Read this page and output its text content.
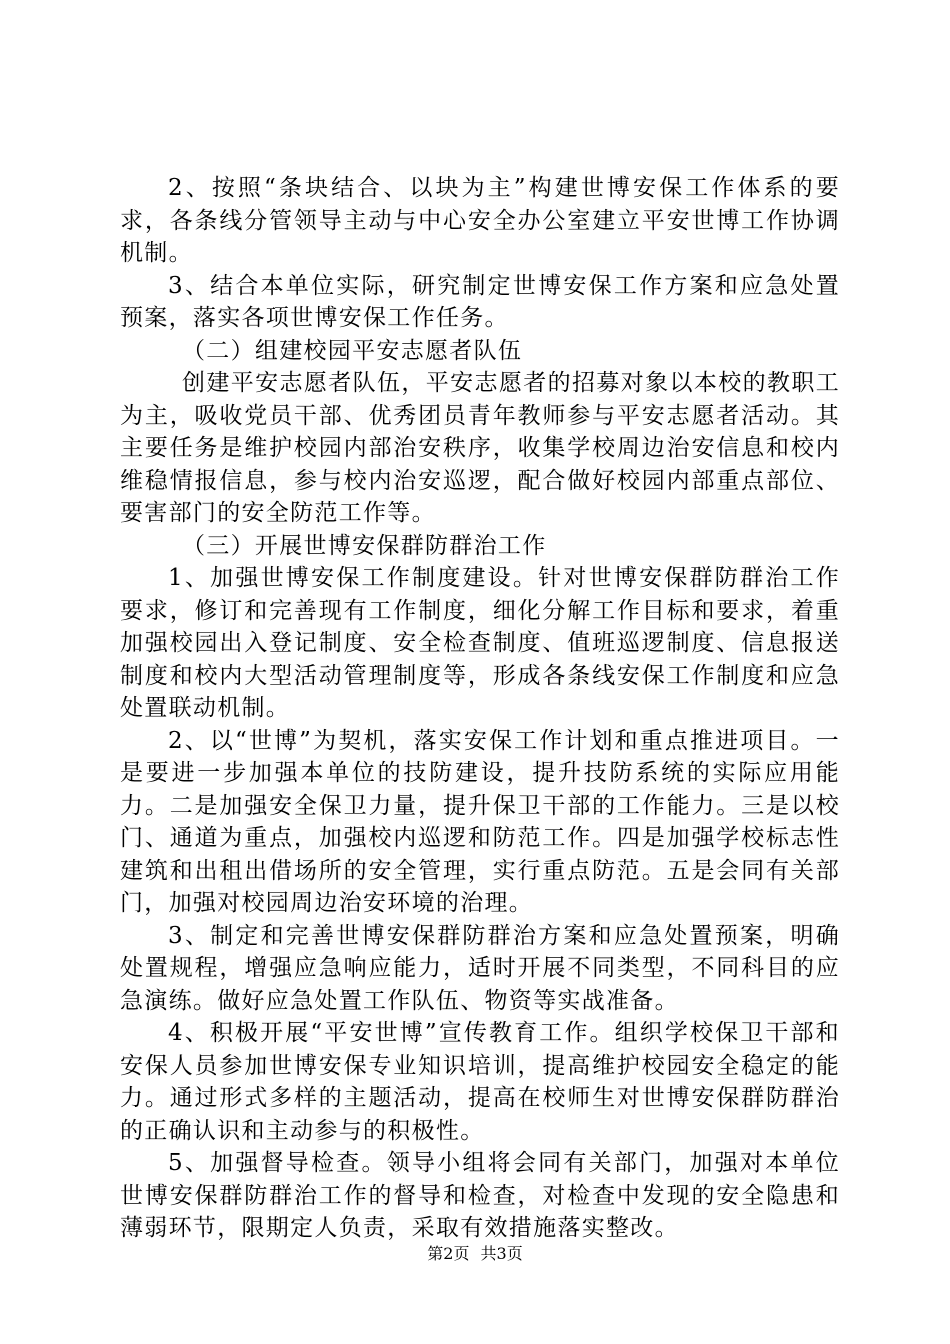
2、按照“条块结合、以块为主”构建世博安保工作体系的要求，各条线分管领导主动与中心安全办公室建立平安世博工作协调机制。

3、结合本单位实际，研究制定世博安保工作方案和应急处置预案，落实各项世博安保工作任务。

（二）组建校园平安志愿者队伍

创建平安志愿者队伍，平安志愿者的招募对象以本校的教职工为主，吸收党员干部、优秀团员青年教师参与平安志愿者活动。其主要任务是维护校园内部治安秩序，收集学校周边治安信息和校内维稳情报信息，参与校内治安巡逻，配合做好校园内部重点部位、要害部门的安全防范工作等。

（三）开展世博安保群防群治工作

1、加强世博安保工作制度建设。针对世博安保群防群治工作要求，修订和完善现有工作制度，细化分解工作目标和要求，着重加强校园出入登记制度、安全检查制度、值班巡逻制度、信息报送制度和校内大型活动管理制度等，形成各条线安保工作制度和应急处置联动机制。

2、以“世博”为契机，落实安保工作计划和重点推进项目。一是要进一步加强本单位的技防建设，提升技防系统的实际应用能力。二是加强安全保卫力量，提升保卫干部的工作能力。三是以校门、通道为重点，加强校内巡逻和防范工作。四是加强学校标志性建筑和出租出借场所的安全管理，实行重点防范。五是会同有关部门，加强对校园周边治安环境的治理。

3、制定和完善世博安保群防群治方案和应急处置预案，明确处置规程，增强应急响应能力，适时开展不同类型，不同科目的应急演练。做好应急处置工作队伍、物资等实战准备。

4、积极开展“平安世博”宣传教育工作。组织学校保卫干部和安保人员参加世博安保专业知识培训，提高维护校园安全稳定的能力。通过形式多样的主题活动，提高在校师生对世博安保群防群治的正确认识和主动参与的积极性。

5、加强督导检查。领导小组将会同有关部门，加强对本单位世博安保群防群治工作的督导和检查，对检查中发现的安全隐患和薄弱环节，限期定人负责，采取有效措施落实整改。

第2页 共3页
